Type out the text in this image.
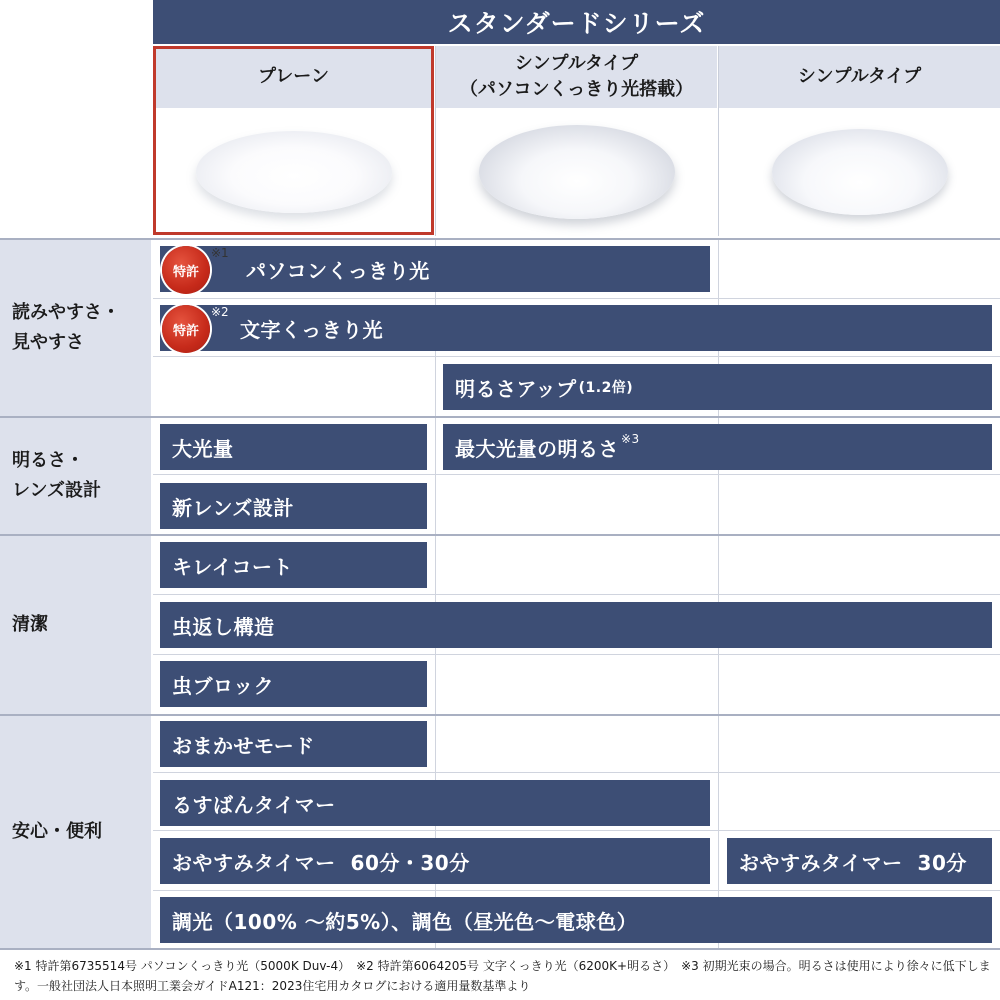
スタンダードシリーズ
プレーン
シンプルタイプ
（パソコンくっきり光搭載）
シンプルタイプ
読みやすさ・
見やすさ
明るさ・
レンズ設計
清潔
安心・便利
特許
※1
パソコンくっきり光
特許
※2
文字くっきり光
明るさアップ (1.2倍)
大光量	最大光量の明るさ ※3
新レンズ設計
キレイコート
虫返し構造
虫ブロック
おまかせモード
るすばんタイマー
おやすみタイマー  60分・30分	おやすみタイマー  30分
調光（100% ～約5%）、調色（昼光色～電球色）
※1 特許第6735514号 パソコンくっきり光（5000K Duv-4）　※2 特許第6064205号 文字くっきり光（6200K+明るさ）　※3 初期光束の場合。明るさは使用により徐々に低下します。一般社団法人日本照明工業会ガイドA121：2023住宅用カタログにおける適用量数基準より
